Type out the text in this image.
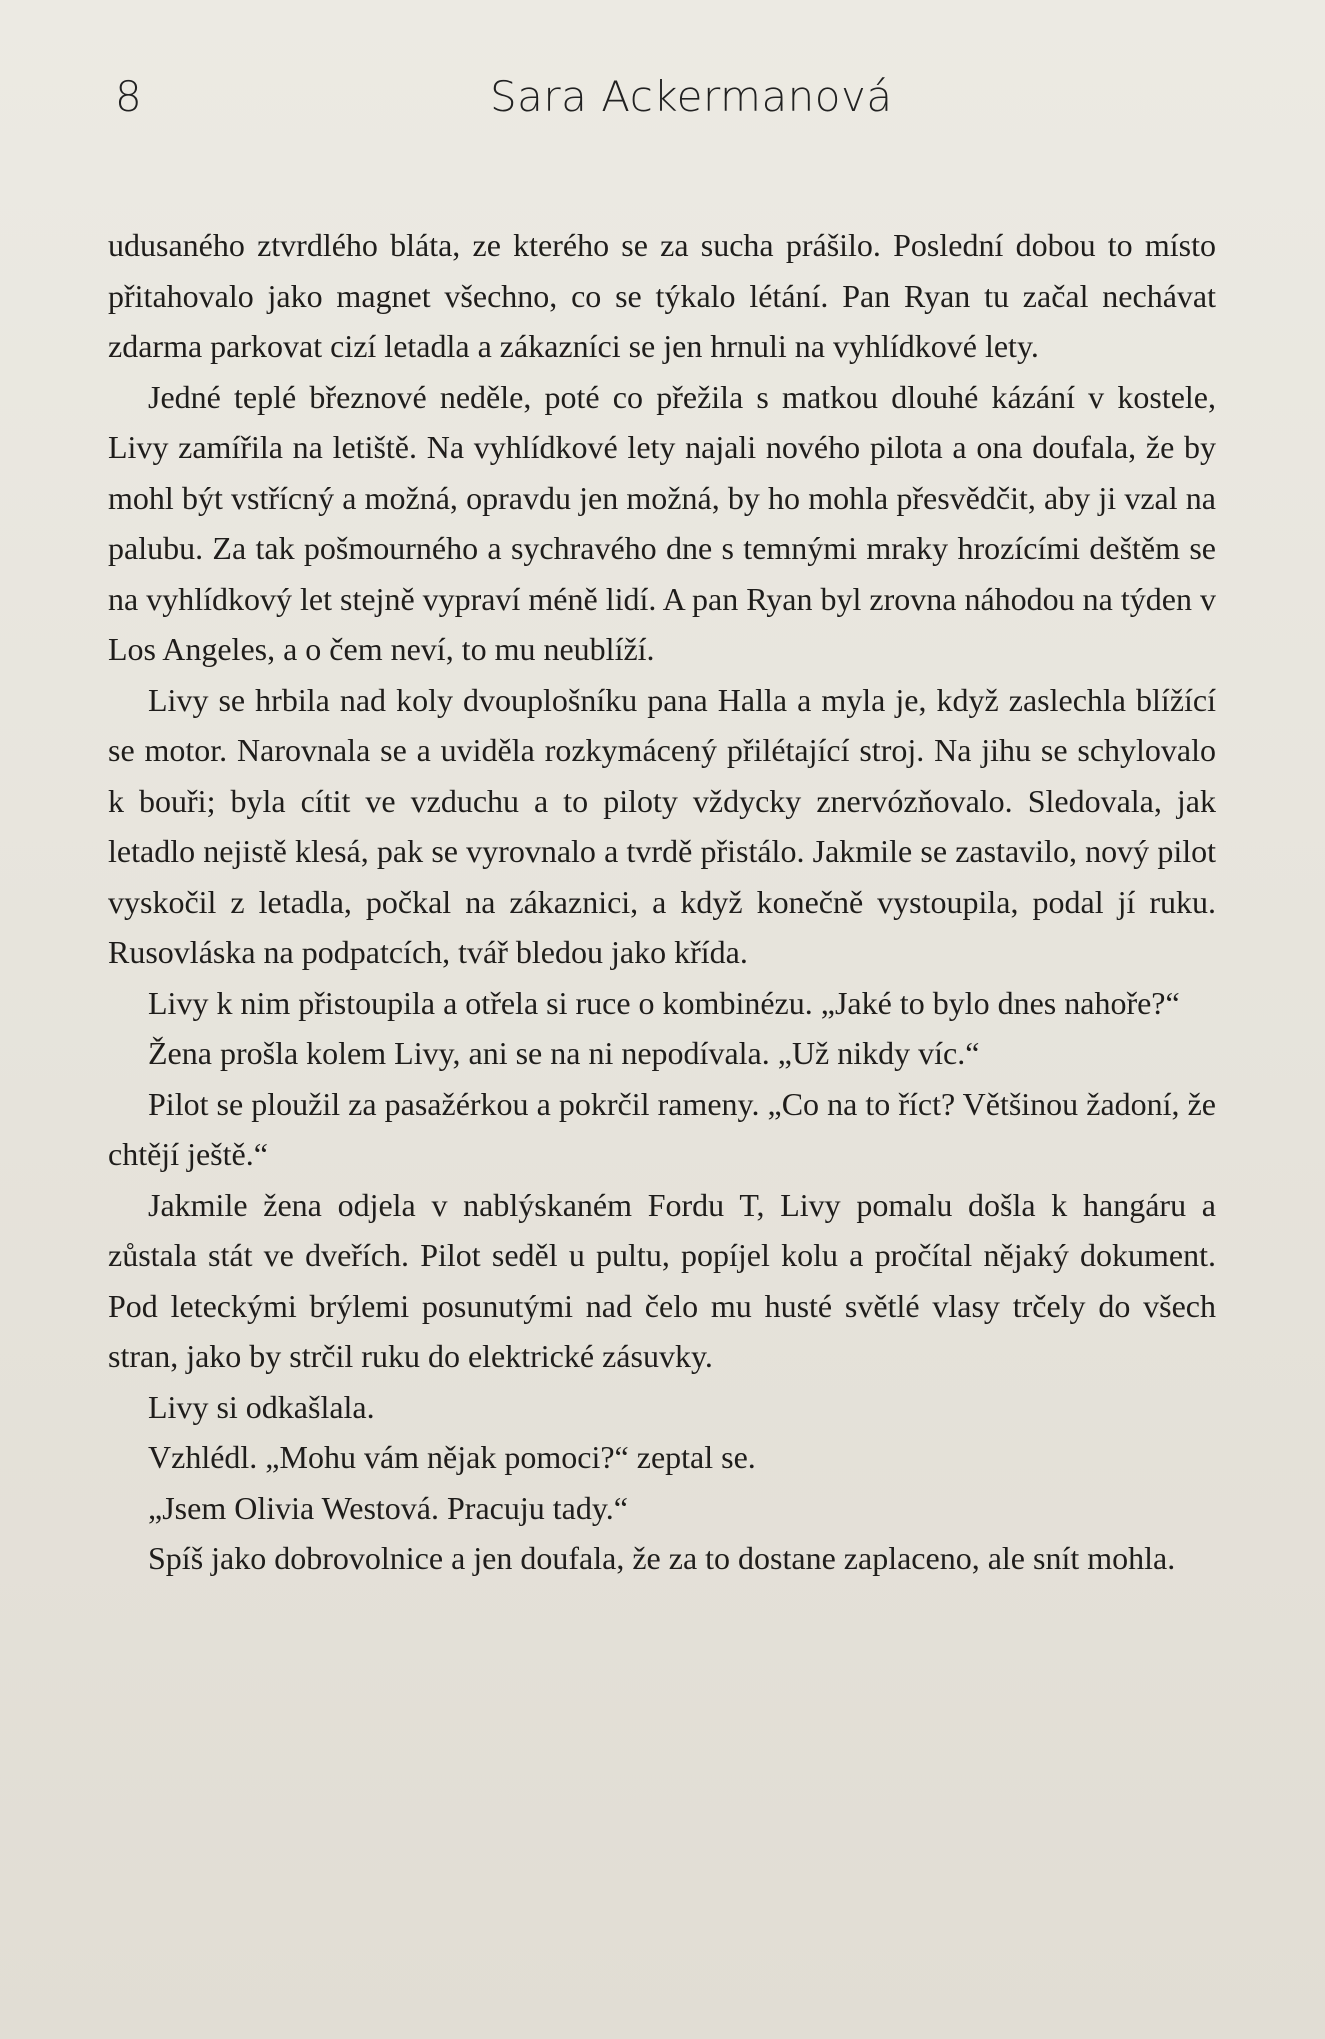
8	Sara Ackermanová

udusaného ztvrdlého bláta, ze kterého se za sucha prášilo. Poslední dobou to místo přitahovalo jako magnet všechno, co se týkalo létání. Pan Ryan tu začal nechávat zdarma parkovat cizí letadla a zákazníci se jen hrnuli na vyhlídkové lety.

Jedné teplé březnové neděle, poté co přežila s matkou dlouhé kázání v kostele, Livy zamířila na letiště. Na vyhlídkové lety najali nového pilota a ona doufala, že by mohl být vstřícný a možná, opravdu jen možná, by ho mohla přesvědčit, aby ji vzal na palubu. Za tak pošmourného a sychravého dne s temnými mraky hrozícími deštěm se na vyhlídkový let stejně vypraví méně lidí. A pan Ryan byl zrovna náhodou na týden v Los Angeles, a o čem neví, to mu neublíží.

Livy se hrbila nad koly dvouplošníku pana Halla a myla je, když zaslechla blížící se motor. Narovnala se a uviděla rozkymácený přilétající stroj. Na jihu se schylovalo k bouři; byla cítit ve vzduchu a to piloty vždycky znervózňovalo. Sledovala, jak letadlo nejistě klesá, pak se vyrovnalo a tvrdě přistálo. Jakmile se zastavilo, nový pilot vyskočil z letadla, počkal na zákaznici, a když konečně vystoupila, podal jí ruku. Rusovláska na podpatcích, tvář bledou jako křída.

Livy k nim přistoupila a otřela si ruce o kombinézu. „Jaké to bylo dnes nahoře?“

Žena prošla kolem Livy, ani se na ni nepodívala. „Už nikdy víc.“

Pilot se ploužil za pasažérkou a pokrčil rameny. „Co na to říct? Většinou žadoní, že chtějí ještě.“

Jakmile žena odjela v nablýskaném Fordu T, Livy pomalu došla k hangáru a zůstala stát ve dveřích. Pilot seděl u pultu, popíjel kolu a pročítal nějaký dokument. Pod leteckými brýlemi posunutými nad čelo mu husté světlé vlasy trčely do všech stran, jako by strčil ruku do elektrické zásuvky.

Livy si odkašlala.

Vzhlédl. „Mohu vám nějak pomoci?“ zeptal se.

„Jsem Olivia Westová. Pracuju tady.“

Spíš jako dobrovolnice a jen doufala, že za to dostane zaplaceno, ale snít mohla.
